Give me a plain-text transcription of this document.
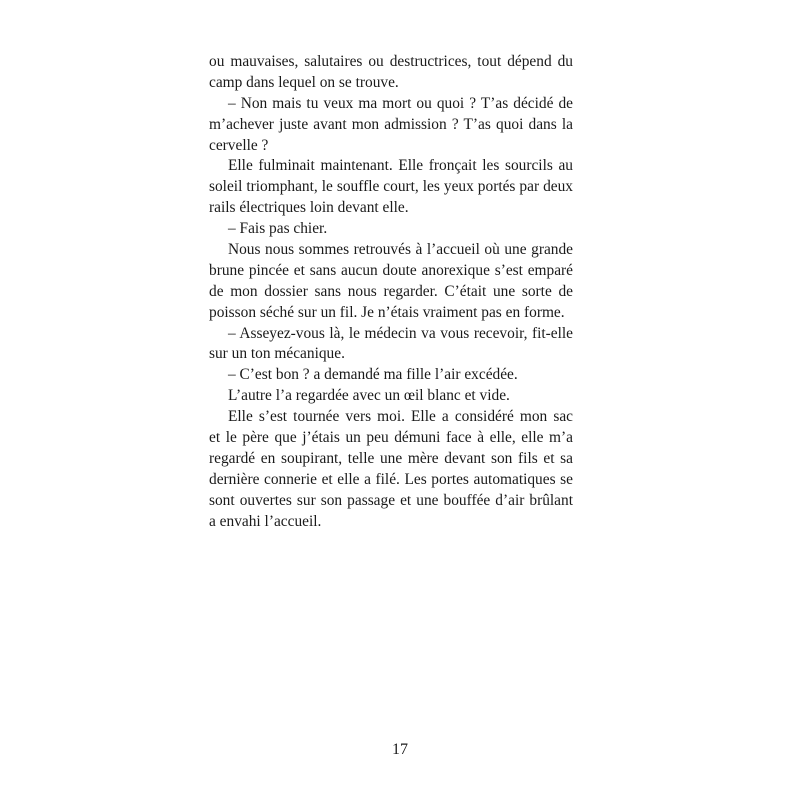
ou mauvaises, salutaires ou destructrices, tout dépend du
camp dans lequel on se trouve.
– Non mais tu veux ma mort ou quoi ? T’as décidé de
m’achever juste avant mon admission ? T’as quoi dans la
cervelle ?
Elle fulminait maintenant. Elle fronçait les sourcils au
soleil triomphant, le souffle court, les yeux portés par deux
rails électriques loin devant elle.
– Fais pas chier.
Nous nous sommes retrouvés à l’accueil où une grande
brune pincée et sans aucun doute anorexique s’est emparé
de mon dossier sans nous regarder. C’était une sorte de
poisson séché sur un fil. Je n’étais vraiment pas en forme.
– Asseyez-vous là, le médecin va vous recevoir, fit-elle
sur un ton mécanique.
– C’est bon ? a demandé ma fille l’air excédée.
L’autre l’a regardée avec un œil blanc et vide.
Elle s’est tournée vers moi. Elle a considéré mon sac
et le père que j’étais un peu démuni face à elle, elle m’a
regardé en soupirant, telle une mère devant son fils et sa
dernière connerie et elle a filé. Les portes automatiques se
sont ouvertes sur son passage et une bouffée d’air brûlant
a envahi l’accueil.
17
